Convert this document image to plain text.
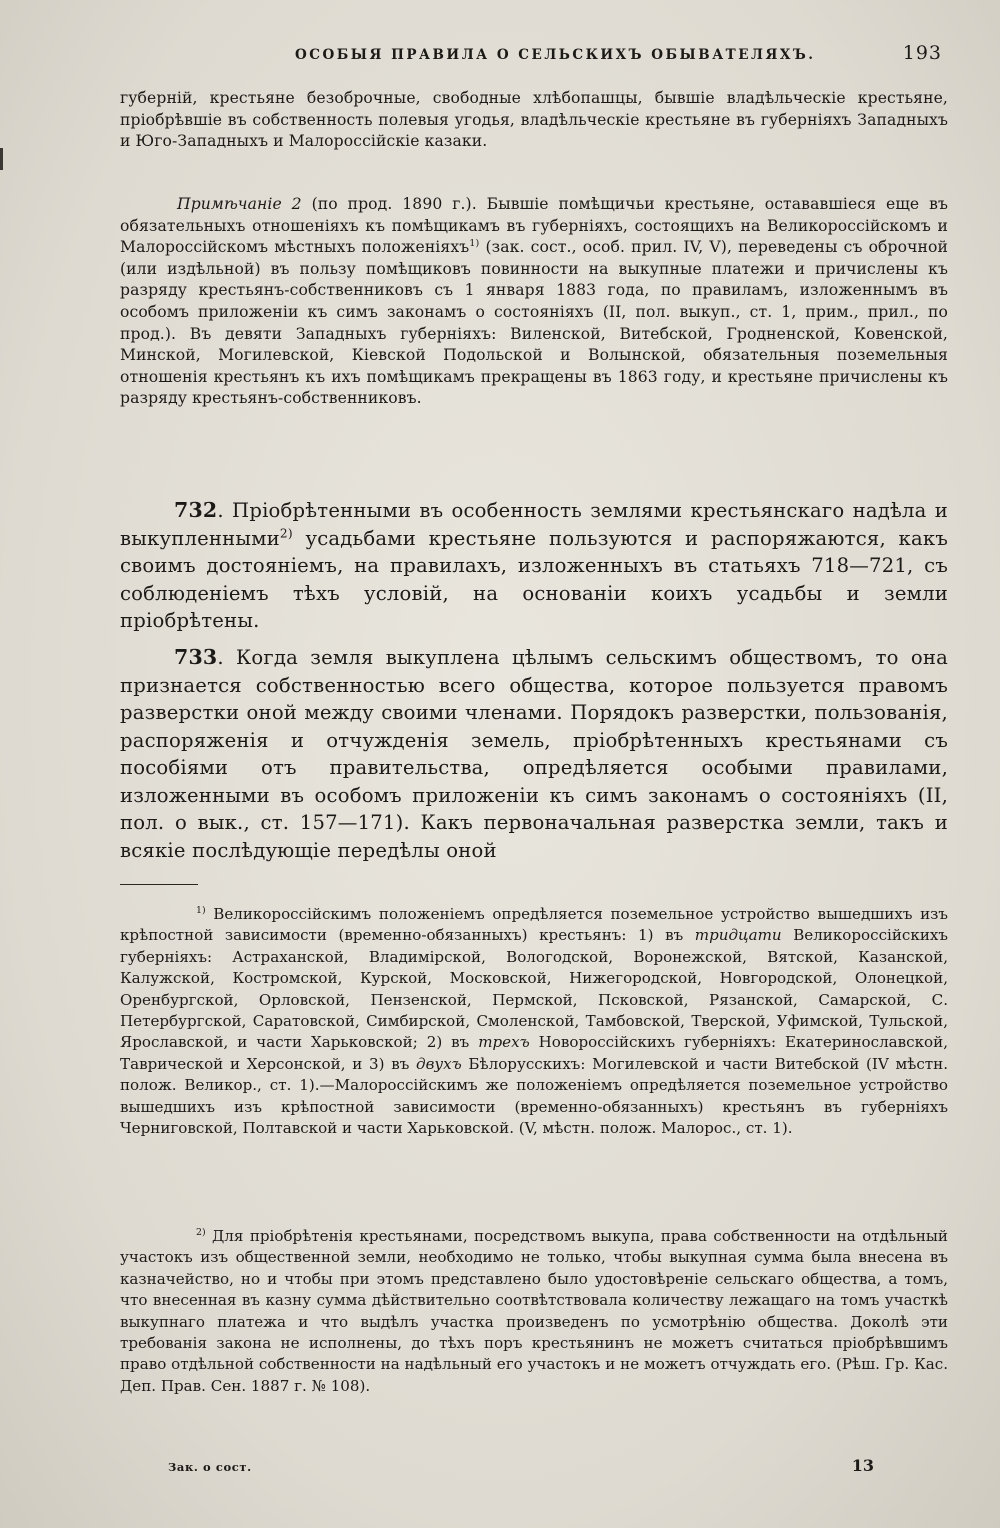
ОСОБЫЯ ПРАВИЛА О СЕЛЬСКИХЪ ОБЫВАТЕЛЯХЪ.	193

губерній, крестьяне безоброчные, свободные хлѣбопашцы, бывшіе владѣльческіе крестьяне, пріобрѣвшіе въ собственность полевыя угодья, владѣльческіе крестьяне въ губерніяхъ Западныхъ и Юго-Западныхъ и Малороссійскіе казаки.

Примѣчаніе 2 (по прод. 1890 г.). Бывшіе помѣщичьи крестьяне, остававшіеся еще въ обязательныхъ отношеніяхъ къ помѣщикамъ въ губерніяхъ, состоящихъ на Великороссійскомъ и Малороссійскомъ мѣстныхъ положеніяхъ$^{1)}$ (зак. сост., особ. прил. IV, V), переведены съ оброчной (или издѣльной) въ пользу помѣщиковъ повинности на выкупные платежи и причислены къ разряду крестьянъ-собственниковъ съ 1 января 1883 года, по правиламъ, изложеннымъ въ особомъ приложеніи къ симъ законамъ о состояніяхъ (II, пол. выкуп., ст. 1, прим., прил., по прод.). Въ девяти Западныхъ губерніяхъ: Виленской, Витебской, Гродненской, Ковенской, Минской, Могилевской, Кіевской Подольской и Волынской, обязательныя поземельныя отношенія крестьянъ къ ихъ помѣщикамъ прекращены въ 1863 году, и крестьяне причислены къ разряду крестьянъ-собственниковъ.

732. Пріобрѣтенными въ особенность землями крестьянскаго надѣла и выкупленными$^{2)}$ усадьбами крестьяне пользуются и распоряжаются, какъ своимъ достояніемъ, на правилахъ, изложенныхъ въ статьяхъ 718—721, съ соблюденіемъ тѣхъ условій, на основаніи коихъ усадьбы и земли пріобрѣтены.

733. Когда земля выкуплена цѣлымъ сельскимъ обществомъ, то она признается собственностью всего общества, которое пользуется правомъ разверстки оной между своими членами. Порядокъ разверстки, пользованія, распоряженія и отчужденія земель, пріобрѣтенныхъ крестьянами съ пособіями отъ правительства, опредѣляется особыми правилами, изложенными въ особомъ приложеніи къ симъ законамъ о состояніяхъ (II, пол. о вык., ст. 157—171). Какъ первоначальная разверстка земли, такъ и всякіе послѣдующіе передѣлы оной

$^{1)}$ Великороссійскимъ положеніемъ опредѣляется поземельное устройство вышедшихъ изъ крѣпостной зависимости (временно-обязанныхъ) крестьянъ: 1) въ тридцати Великороссійскихъ губерніяхъ: Астраханской, Владимірской, Вологодской, Воронежской, Вятской, Казанской, Калужской, Костромской, Курской, Московской, Нижегородской, Новгородской, Олонецкой, Оренбургской, Орловской, Пензенской, Пермской, Псковской, Рязанской, Самарской, С. Петербургской, Саратовской, Симбирской, Смоленской, Тамбовской, Тверской, Уфимской, Тульской, Ярославской, и части Харьковской; 2) въ трехъ Новороссійскихъ губерніяхъ: Екатеринославской, Таврической и Херсонской, и 3) въ двухъ Бѣлорусскихъ: Могилевской и части Витебской (IV мѣстн. полож. Великор., ст. 1).—Малороссійскимъ же положеніемъ опредѣляется поземельное устройство вышедшихъ изъ крѣпостной зависимости (временно-обязанныхъ) крестьянъ въ губерніяхъ Черниговской, Полтавской и части Харьковской. (V, мѣстн. полож. Малорос., ст. 1).

$^{2)}$ Для пріобрѣтенія крестьянами, посредствомъ выкупа, права собственности на отдѣльный участокъ изъ общественной земли, необходимо не только, чтобы выкупная сумма была внесена въ казначейство, но и чтобы при этомъ представлено было удостовѣреніе сельскаго общества, а томъ, что внесенная въ казну сумма дѣйствительно соотвѣтствовала количеству лежащаго на томъ участкѣ выкупнаго платежа и что выдѣлъ участка произведенъ по усмотрѣнію общества. Доколѣ эти требованія закона не исполнены, до тѣхъ поръ крестьянинъ не можетъ считаться пріобрѣвшимъ право отдѣльной собственности на надѣльный его участокъ и не можетъ отчуждать его. (Рѣш. Гр. Кас. Деп. Прав. Сен. 1887 г. № 108).

Зак. о сост.	13
